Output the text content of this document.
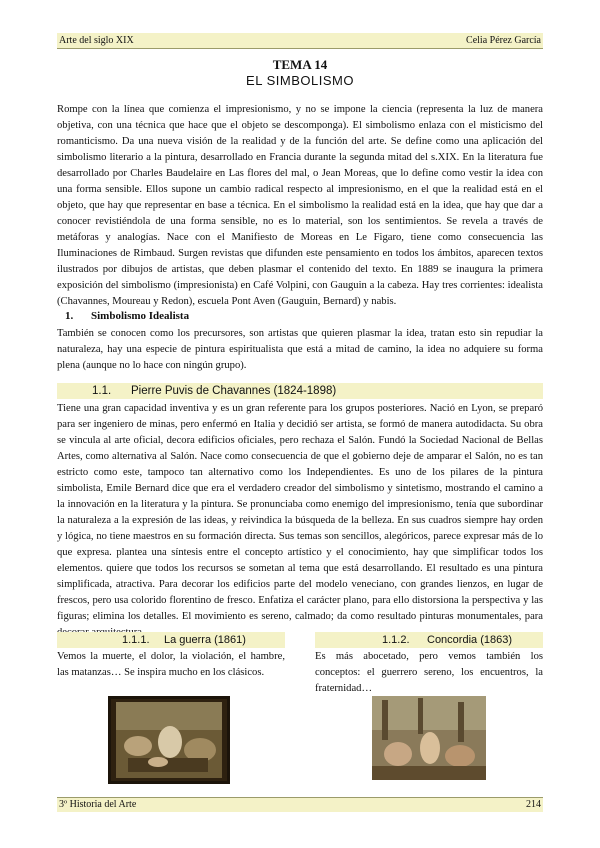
Arte del siglo XIX	Celia Pérez García
TEMA 14
EL SIMBOLISMO

Rompe con la línea que comienza el impresionismo, y no se impone la ciencia (representa la luz de manera objetiva, con una técnica que hace que el objeto se descomponga). El simbolismo enlaza con el misticismo del romanticismo. Da una nueva visión de la realidad y de la función del arte. Se define como una aplicación del simbolismo literario a la pintura, desarrollado en Francia durante la segunda mitad del s.XIX. En la literatura fue desarrollado por Charles Baudelaire en Las flores del mal, o Jean Moreas, que lo define como vestir la idea con una forma sensible. Ellos supone un cambio radical respecto al impresionismo, en el que la realidad está en el objeto, que hay que representar en base a técnica. En el simbolismo la realidad está en la idea, que hay que dar a conocer revistiéndola de una forma sensible, no es lo material, son los sentimientos. Se revela a través de metáforas y analogías. Nace con el Manifiesto de Moreas en Le Figaro, tiene como consecuencia las Iluminaciones de Rimbaud. Surgen revistas que difunden este pensamiento en todos los ámbitos, aparecen textos ilustrados por dibujos de artistas, que deben plasmar el contenido del texto. En 1889 se inaugura la primera exposición del simbolismo (impresionista) en Café Volpini, con Gauguin a la cabeza. Hay tres corrientes: idealista (Chavannes, Moureau y Redon), escuela Pont Aven (Gauguin, Bernard) y nabis.

1. Simbolismo Idealista

También se conocen como los precursores, son artistas que quieren plasmar la idea, tratan esto sin repudiar la naturaleza, hay una especie de pintura espiritualista que está a mitad de camino, la idea no adquiere su forma plena (aunque no lo hace con ningún grupo).

1.1. Pierre Puvis de Chavannes (1824-1898)

Tiene una gran capacidad inventiva y es un gran referente para los grupos posteriores. Nació en Lyon, se preparó para ser ingeniero de minas, pero enfermó en Italia y decidió ser artista, se formó de manera autodidacta. Su obra se vincula al arte oficial, decora edificios oficiales, pero rechaza el Salón. Fundó la Sociedad Nacional de Bellas Artes, como alternativa al Salón. Nace como consecuencia de que el gobierno deje de amparar el Salón, no es tan estricto como este, tampoco tan alternativo como los Independientes. Es uno de los pilares de la pintura simbolista, Emile Bernard dice que era el verdadero creador del simbolismo y sintetismo, mostrando el camino a la innovación en la literatura y la pintura. Se pronunciaba como enemigo del impresionismo, tenía que subordinar la naturaleza a la expresión de las ideas, y reivindica la búsqueda de la belleza. En sus cuadros siempre hay orden y lógica, no tiene maestros en su formación directa. Sus temas son sencillos, alegóricos, parece expresar más de lo que expresa. plantea una síntesis entre el concepto artístico y el conocimiento, hay que simplificar todos los elementos. quiere que todos los recursos se sometan al tema que está desarrollando. El resultado es una pintura simplificada, atractiva. Para decorar los edificios parte del modelo veneciano, con grandes lienzos, en lugar de frescos, pero usa colorido florentino de fresco. Enfatiza el carácter plano, para ello distorsiona la perspectiva y las figuras; elimina los detalles. El movimiento es sereno, calmado; da como resultado pinturas monumentales, para

1.1.1. La guerra (1861)	1.1.2. Concordia (1863)

Vemos la muerte, el dolor, la violación, el hambre, las matanzas… Se inspira mucho en los clásicos.

Es más abocetado, pero vemos también los conceptos: el guerrero sereno, los encuentros, la fraternidad…

3º Historia del Arte	214
